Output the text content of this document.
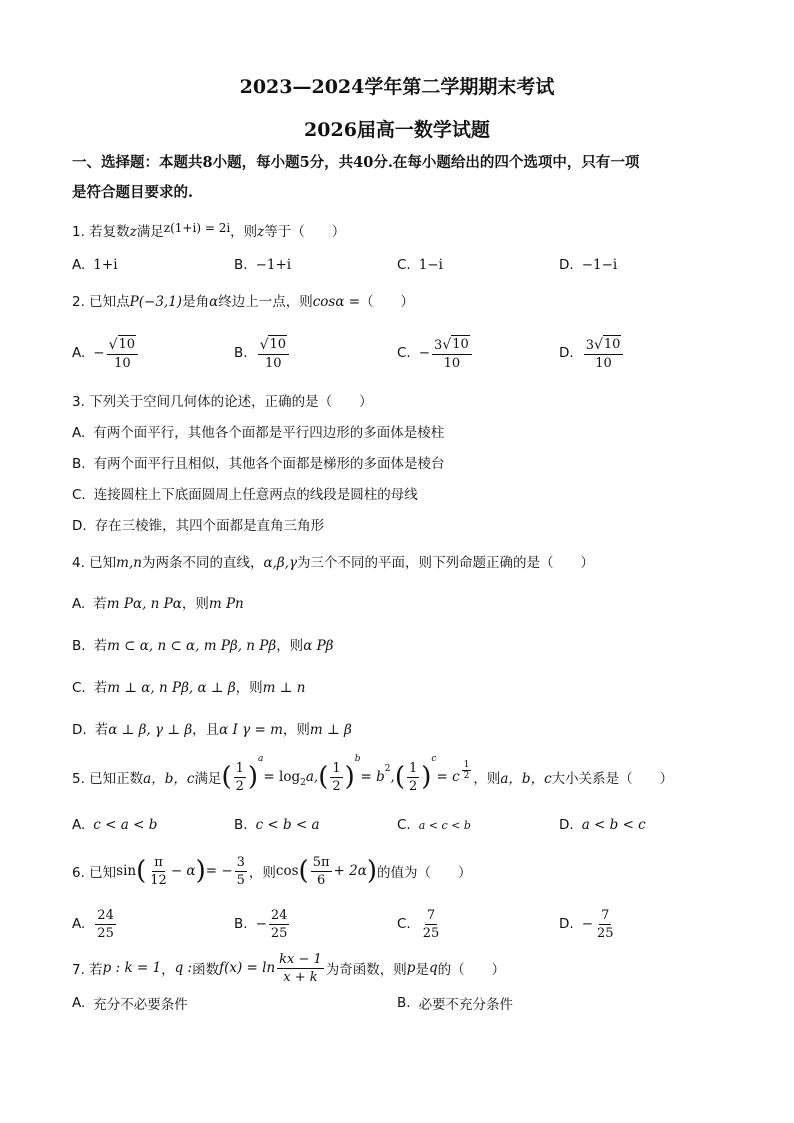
2023—2024学年第二学期期末考试
2026届高一数学试题
一、选择题：本题共8小题，每小题5分，共40分.在每小题给出的四个选项中，只有一项
是符合题目要求的.
1. 若复数z满足z(1+i) = 2i，则z等于（　　）
A. 1+i	B. −1+i	C. 1−i	D. −1−i
2. 已知点P(−3,1)是角α终边上一点，则cosα =（　　）
A. − $\frac{√ 10}{10}$	B. $\frac{√ 10}{10}$	C. − $\frac{3 √ 10}{10}$	D. $\frac{3 √ 10}{10}$
3. 下列关于空间几何体的论述，正确的是（　　）
A. 有两个面平行，其他各个面都是平行四边形的多面体是棱柱
B. 有两个面平行且相似，其他各个面都是梯形的多面体是棱台
C. 连接圆柱上下底面圆周上任意两点的线段是圆柱的母线
D. 存在三棱锥，其四个面都是直角三角形
4. 已知m,n为两条不同的直线，α,β,γ为三个不同的平面，则下列命题正确的是（　　）
A. 若m Pα, n Pα，则m Pn
B. 若m ⊂ α, n ⊂ α, m Pβ, n Pβ，则α Pβ
C. 若m ⊥ α, n Pβ, α ⊥ β，则m ⊥ n
D. 若α ⊥ β, γ ⊥ β，且α I γ = m，则m ⊥ β
5. 已知正数 a，b，c 满足 ( $\frac{1}{2}$ )
$^a$
= $\log_2 a$, ( $\frac{1}{2}$ )
$^b$
= $b^2$ , ( $\frac{1}{2}$ )
$^c$
= c $\frac{1}{2}$ ，则 a，b，c 大小关系是（　　）
A. c < a < b	B. c < b < a	C. a < c < b	D. a < b < c
6. 已知 sin ( $\frac{\pi}{12} - \alpha$ ) = − $\frac{3}{5}$ ，则 cos ( $\frac{5\pi}{6} + 2\alpha$ ) 的值为（　　）
A. $\frac{24}{25}$	B. − $\frac{24}{25}$	C. $\frac{7}{25}$	D. − $\frac{7}{25}$
7. 若 p : k = 1 ， q : 函数 $f(x) = \ln \frac{kx - 1}{x + k}$ 为奇函数，则 p 是 q 的（　　）
A. 充分不必要条件	B. 必要不充分条件
